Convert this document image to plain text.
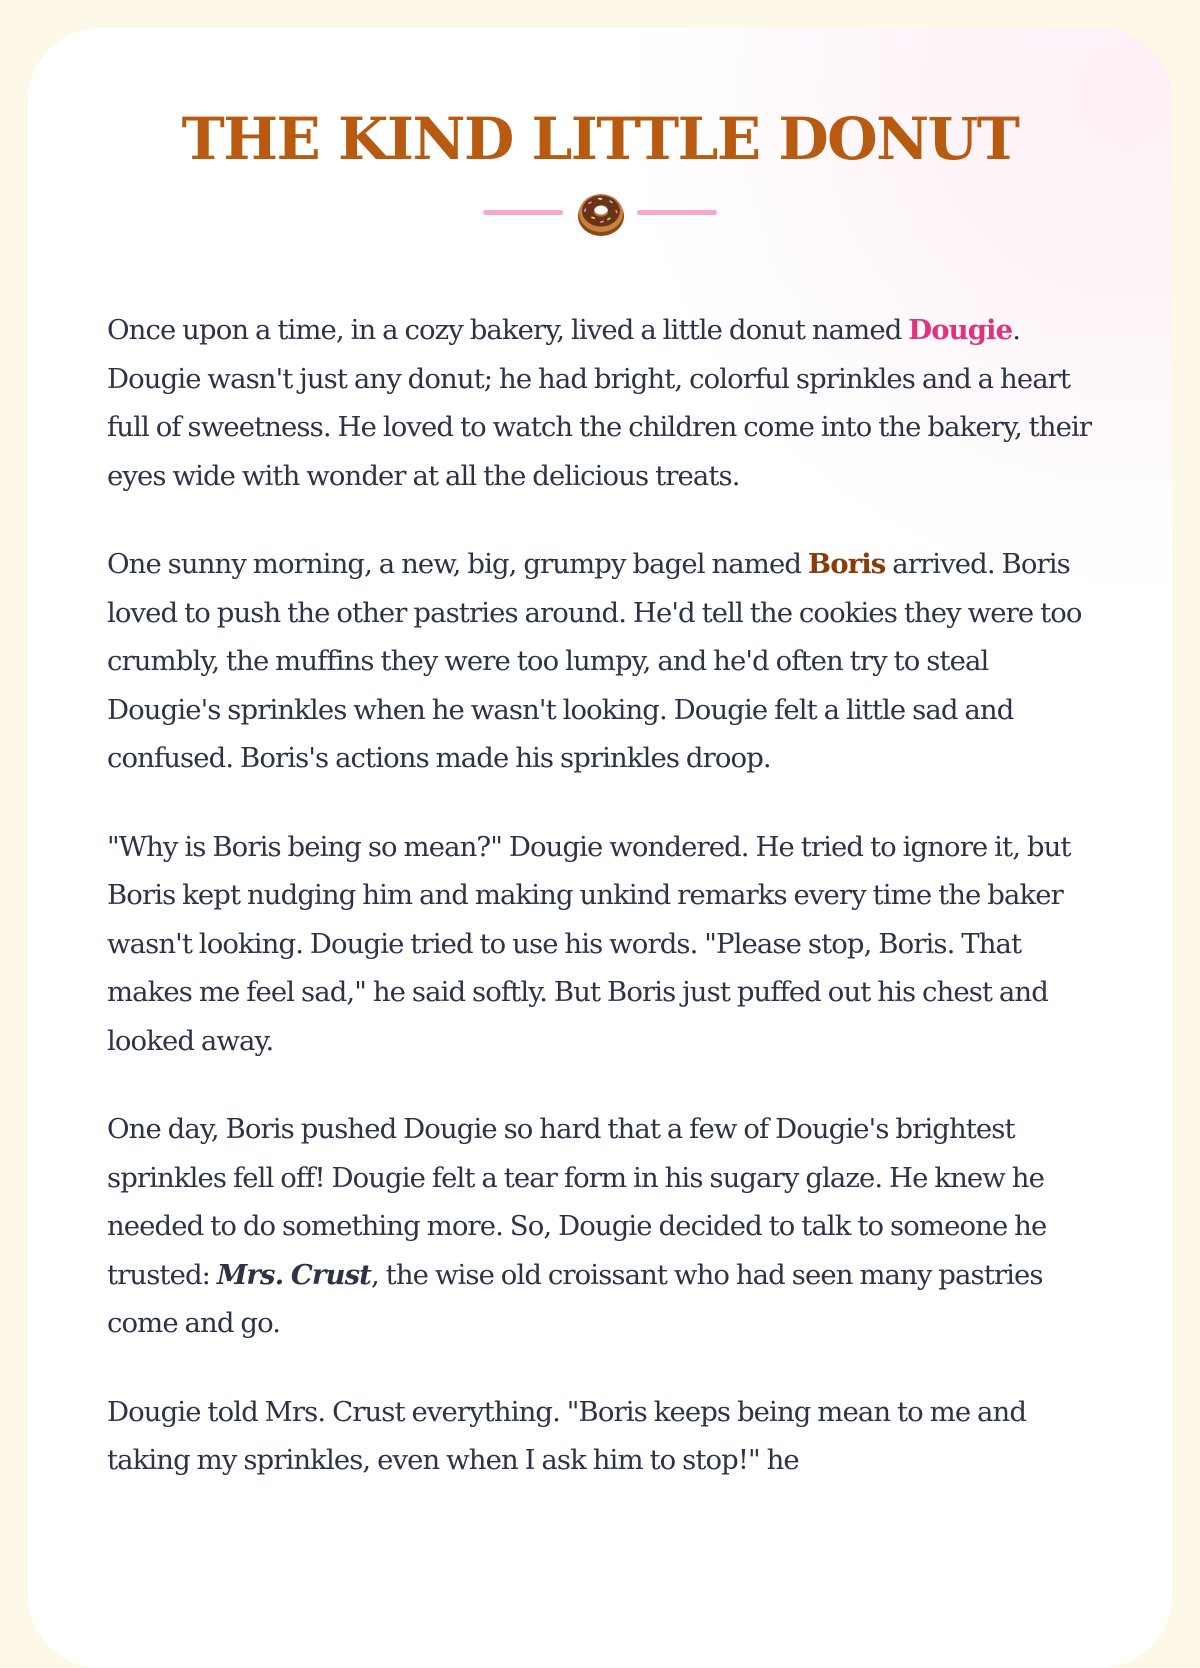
THE KIND LITTLE DONUT

Once upon a time, in a cozy bakery, lived a little donut named Dougie. Dougie wasn't just any donut; he had bright, colorful sprinkles and a heart full of sweetness. He loved to watch the children come into the bakery, their eyes wide with wonder at all the delicious treats.

One sunny morning, a new, big, grumpy bagel named Boris arrived. Boris loved to push the other pastries around. He'd tell the cookies they were too crumbly, the muffins they were too lumpy, and he'd often try to steal Dougie's sprinkles when he wasn't looking. Dougie felt a little sad and confused. Boris's actions made his sprinkles droop.

"Why is Boris being so mean?" Dougie wondered. He tried to ignore it, but Boris kept nudging him and making unkind remarks every time the baker wasn't looking. Dougie tried to use his words. "Please stop, Boris. That makes me feel sad," he said softly. But Boris just puffed out his chest and looked away.

One day, Boris pushed Dougie so hard that a few of Dougie's brightest sprinkles fell off! Dougie felt a tear form in his sugary glaze. He knew he needed to do something more. So, Dougie decided to talk to someone he trusted: Mrs. Crust, the wise old croissant who had seen many pastries come and go.

Dougie told Mrs. Crust everything. "Boris keeps being mean to me and taking my sprinkles, even when I ask him to stop!" he
